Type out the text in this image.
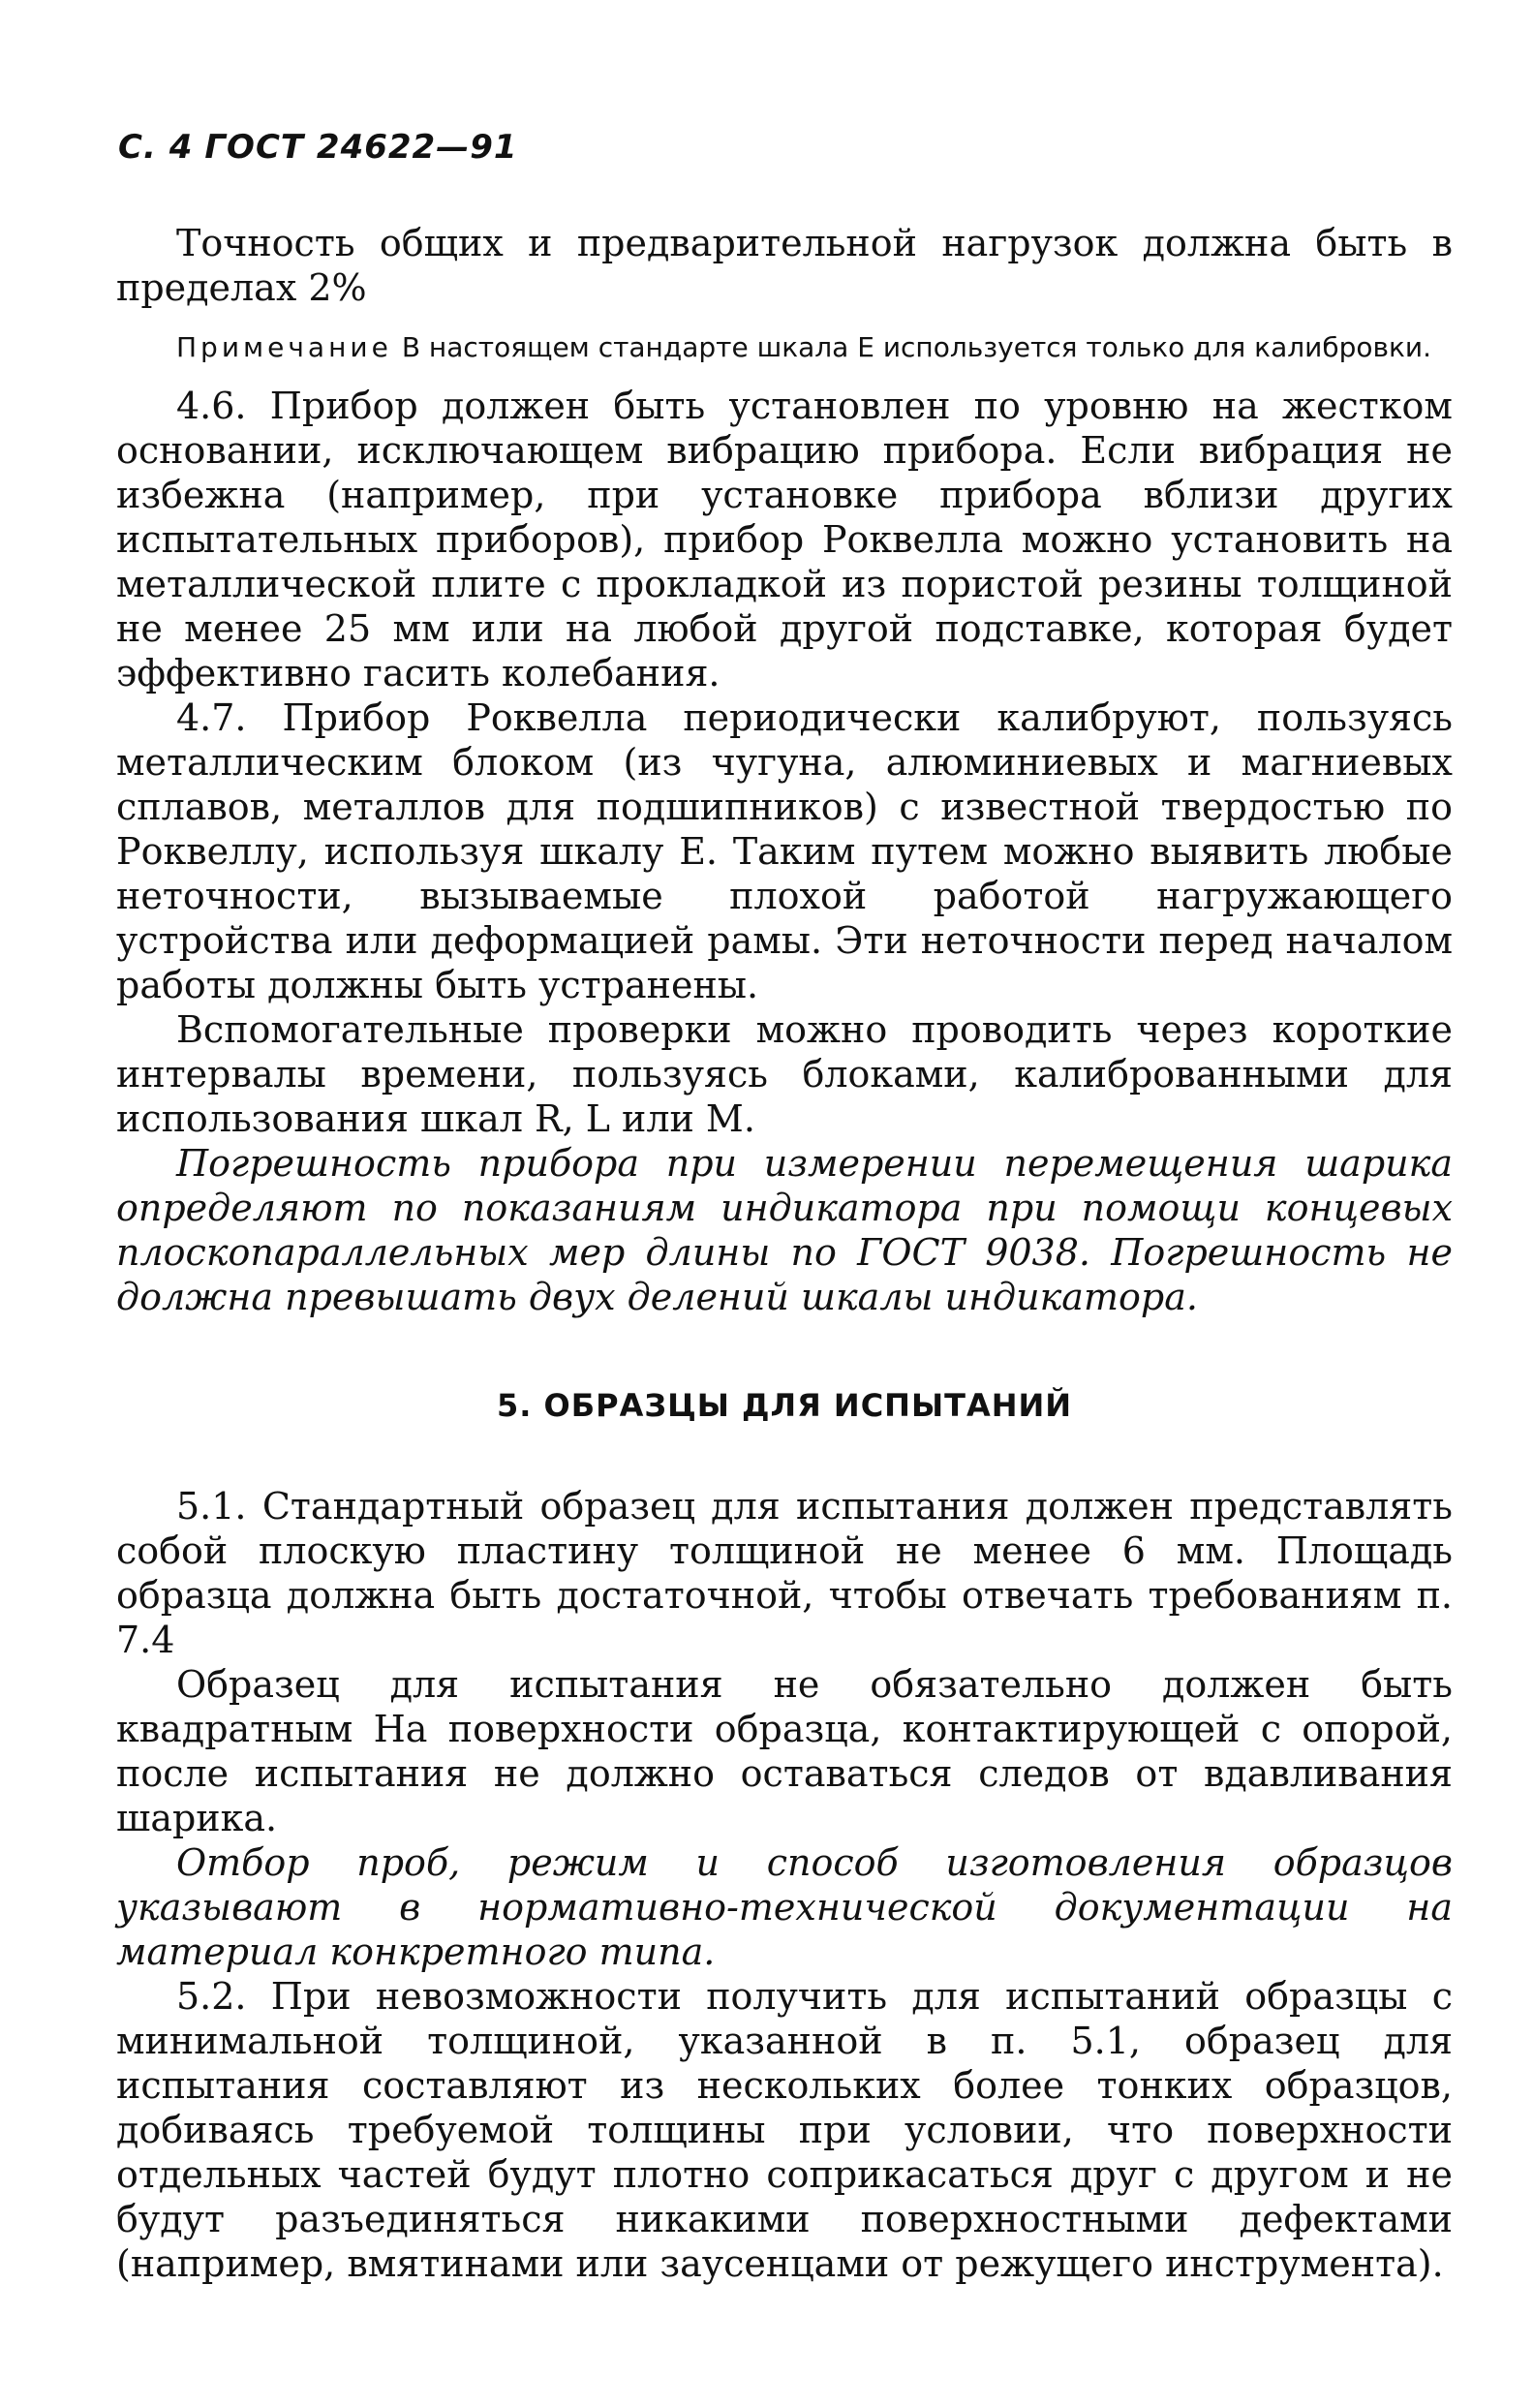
С. 4 ГОСТ 24622—91

Точность общих и предварительной нагрузок должна быть в пределах 2%

Примечание В настоящем стандарте шкала Е используется только для калибровки.

4.6. Прибор должен быть установлен по уровню на жестком основании, исключающем вибрацию прибора. Если вибрация не избежна (например, при установке прибора вблизи других испытательных приборов), прибор Роквелла можно установить на металлической плите с прокладкой из пористой резины толщиной не менее 25 мм или на любой другой подставке, которая будет эффективно гасить колебания.

4.7. Прибор Роквелла периодически калибруют, пользуясь металлическим блоком (из чугуна, алюминиевых и магниевых сплавов, металлов для подшипников) с известной твердостью по Роквеллу, используя шкалу Е. Таким путем можно выявить любые неточности, вызываемые плохой работой нагружающего устройства или деформацией рамы. Эти неточности перед началом работы должны быть устранены.

Вспомогательные проверки можно проводить через короткие интервалы времени, пользуясь блоками, калиброванными для использования шкал R, L или M.

Погрешность прибора при измерении перемещения шарика определяют по показаниям индикатора при помощи концевых плоскопараллельных мер длины по ГОСТ 9038. Погрешность не должна превышать двух делений шкалы индикатора.

5. ОБРАЗЦЫ ДЛЯ ИСПЫТАНИЙ

5.1. Стандартный образец для испытания должен представлять собой плоскую пластину толщиной не менее 6 мм. Площадь образца должна быть достаточной, чтобы отвечать требованиям п. 7.4

Образец для испытания не обязательно должен быть квадратным На поверхности образца, контактирующей с опорой, после испытания не должно оставаться следов от вдавливания шарика.

Отбор проб, режим и способ изготовления образцов указывают в нормативно-технической документации на материал конкретного типа.

5.2. При невозможности получить для испытаний образцы с минимальной толщиной, указанной в п. 5.1, образец для испытания составляют из нескольких более тонких образцов, добиваясь требуемой толщины при условии, что поверхности отдельных частей будут плотно соприкасаться друг с другом и не будут разъединяться никакими поверхностными дефектами (например, вмятинами или заусенцами от режущего инструмента).
